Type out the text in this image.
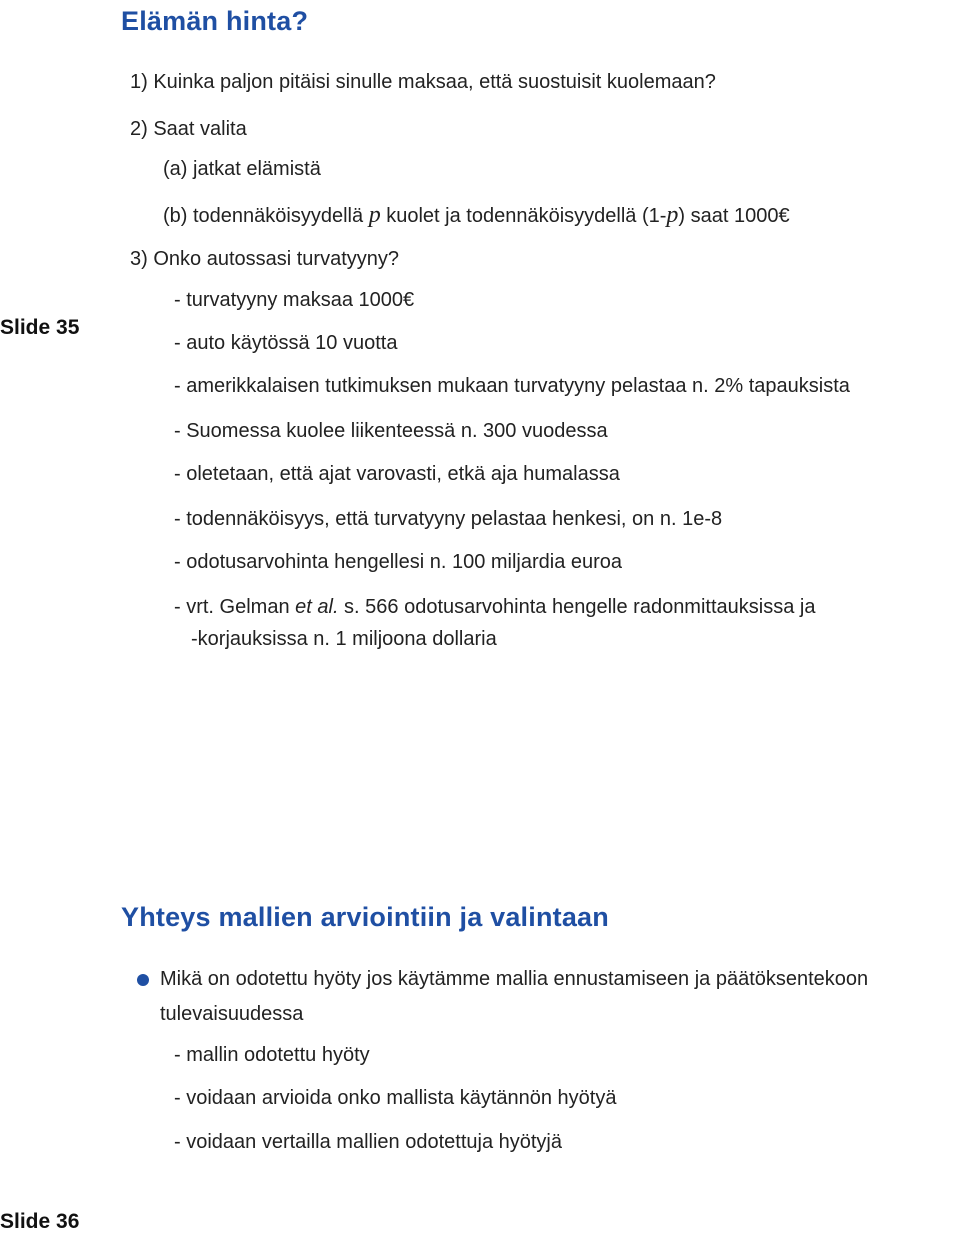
Elämän hinta?
Slide 35
1) Kuinka paljon pitäisi sinulle maksaa, että suostuisit kuolemaan?
2) Saat valita
(a) jatkat elämistä
(b) todennäköisyydellä p kuolet ja todennäköisyydellä (1-p) saat 1000€
3) Onko autossasi turvatyyny?
- turvatyyny maksaa 1000€
- auto käytössä 10 vuotta
- amerikkalaisen tutkimuksen mukaan turvatyyny pelastaa n. 2% tapauksista
- Suomessa kuolee liikenteessä n. 300 vuodessa
- oletetaan, että ajat varovasti, etkä aja humalassa
- todennäköisyys, että turvatyyny pelastaa henkesi, on n. 1e-8
- odotusarvohinta hengellesi n. 100 miljardia euroa
- vrt. Gelman et al. s. 566 odotusarvohinta hengelle radonmittauksissa ja
-korjauksissa n. 1 miljoona dollaria
Yhteys mallien arviointiin ja valintaan
Mikä on odotettu hyöty jos käytämme mallia ennustamiseen ja päätöksentekoon
tulevaisuudessa
- mallin odotettu hyöty
- voidaan arvioida onko mallista käytännön hyötyä
- voidaan vertailla mallien odotettuja hyötyjä
Slide 36
